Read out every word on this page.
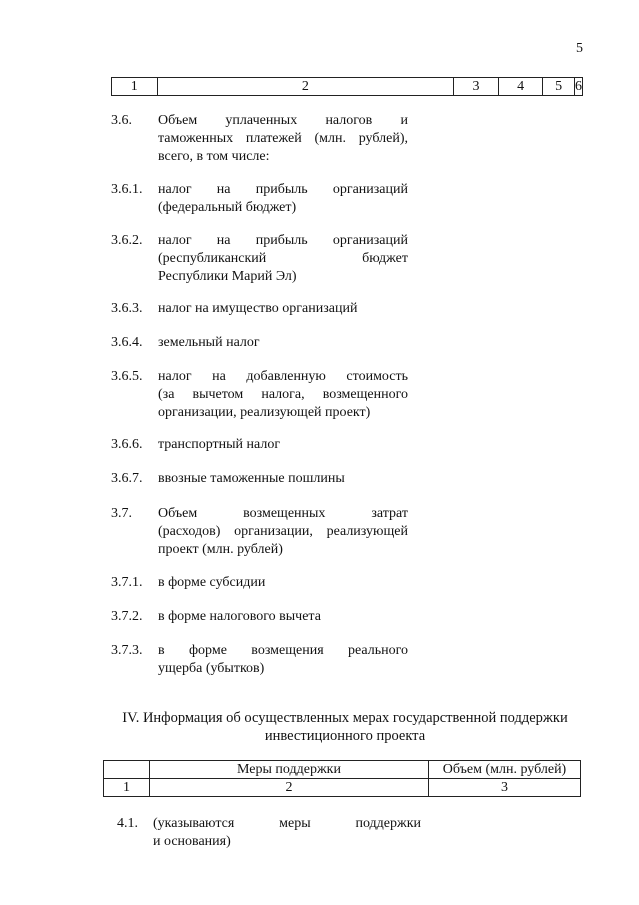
5
1	2	3	4	5 6
3.6. Объем уплаченных налогов и
таможенных платежей (млн. рублей),
всего, в том числе:
3.6.1. налог на прибыль организаций
(федеральный бюджет)
3.6.2. налог на прибыль организаций
(республиканский бюджет
Республики Марий Эл)
3.6.3. налог на имущество организаций
3.6.4. земельный налог
3.6.5. налог на добавленную стоимость
(за вычетом налога, возмещенного
организации, реализующей проект)
3.6.6. транспортный налог
3.6.7. ввозные таможенные пошлины
3.7. Объем возмещенных затрат
(расходов) организации, реализующей
проект (млн. рублей)
3.7.1. в форме субсидии
3.7.2. в форме налогового вычета
3.7.3. в форме возмещения реального
ущерба (убытков)
IV. Информация об осуществленных мерах государственной поддержки
инвестиционного проекта
	Меры поддержки	Объем (млн. рублей)
1	2	3
4.1. (указываются меры поддержки
и основания)
